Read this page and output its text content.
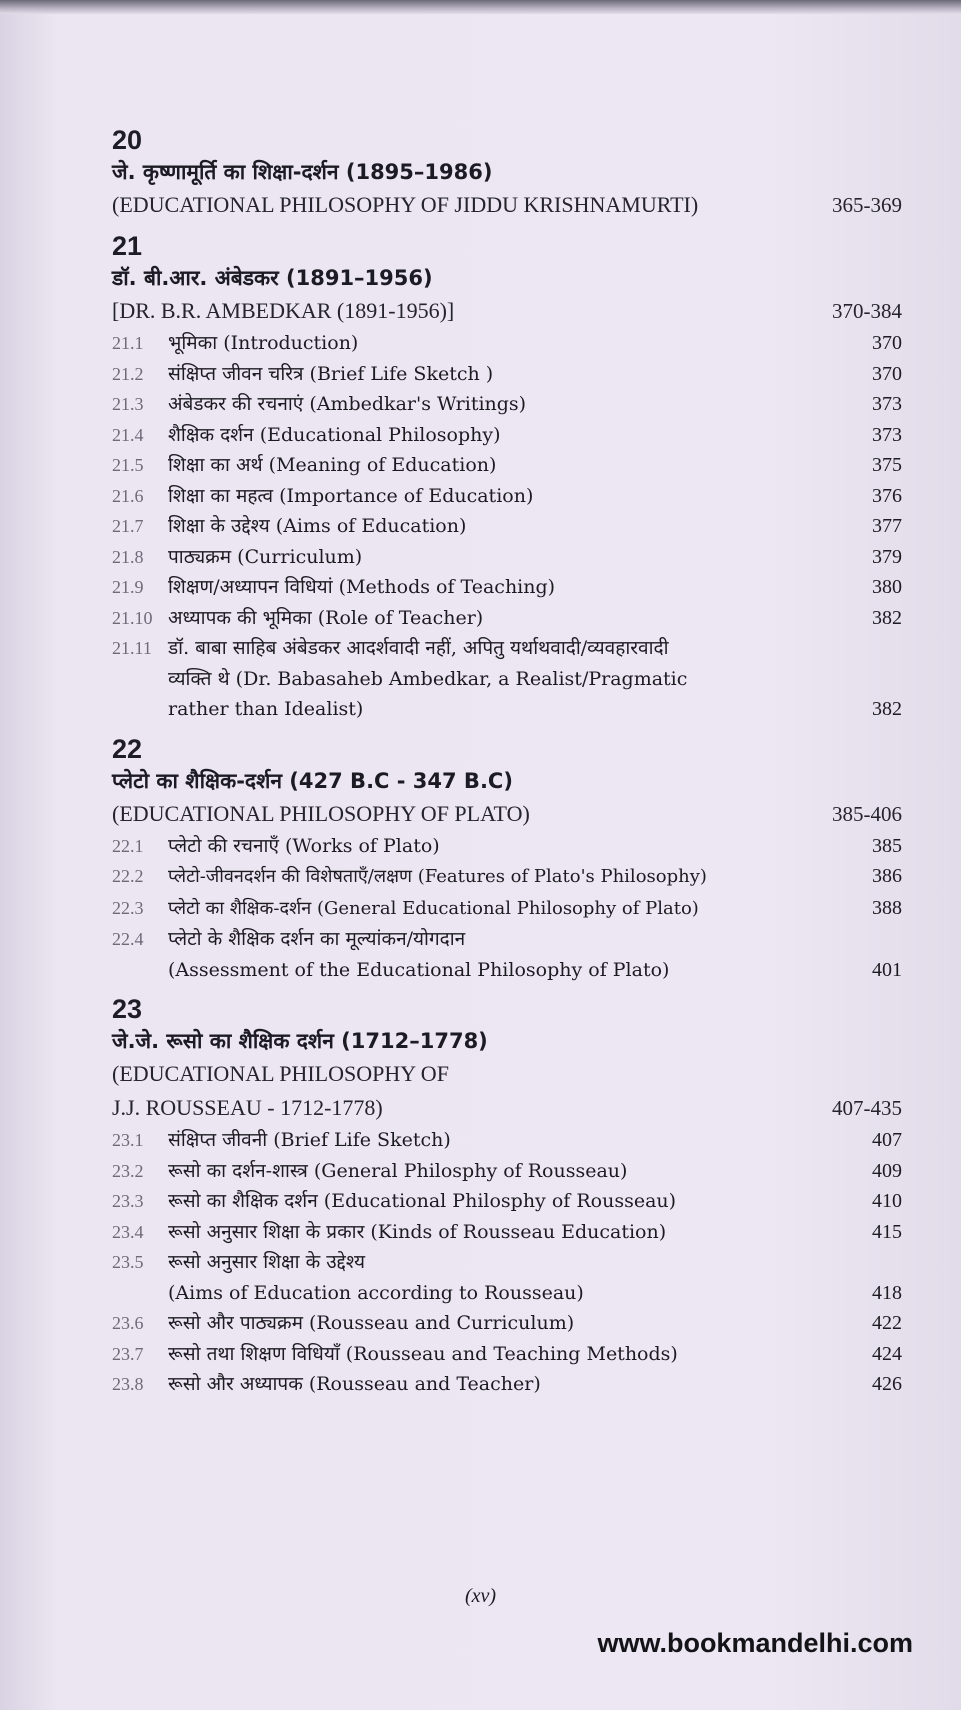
20
जे. कृष्णामूर्ति का शिक्षा-दर्शन (1895–1986)
(EDUCATIONAL PHILOSOPHY OF JIDDU KRISHNAMURTI)	365-369
21
डॉ. बी.आर. अंबेडकर (1891–1956)
[DR. B.R. AMBEDKAR (1891-1956)]	370-384
21.1	भूमिका (Introduction)	370
21.2	संक्षिप्त जीवन चरित्र (Brief Life Sketch )	370
21.3	अंबेडकर की रचनाएं (Ambedkar's Writings)	373
21.4	शैक्षिक दर्शन (Educational Philosophy)	373
21.5	शिक्षा का अर्थ (Meaning of Education)	375
21.6	शिक्षा का महत्व (Importance of Education)	376
21.7	शिक्षा के उद्देश्य (Aims of Education)	377
21.8	पाठ्यक्रम (Curriculum)	379
21.9	शिक्षण/अध्यापन विधियां (Methods of Teaching)	380
21.10 अध्यापक की भूमिका (Role of Teacher)	382
21.11 डॉ. बाबा साहिब अंबेडकर आदर्शवादी नहीं, अपितु यर्थाथवादी/व्यवहारवादी
व्यक्ति थे (Dr. Babasaheb Ambedkar, a Realist/Pragmatic
rather than Idealist)	382
22
प्लेटो का शैक्षिक-दर्शन (427 B.C - 347 B.C)
(EDUCATIONAL PHILOSOPHY OF PLATO)	385-406
22.1	प्लेटो की रचनाएँ (Works of Plato)	385
22.2	प्लेटो-जीवनदर्शन की विशेषताएँ/लक्षण (Features of Plato's Philosophy)	386
22.3	प्लेटो का शैक्षिक-दर्शन (General Educational Philosophy of Plato)	388
22.4	प्लेटो के शैक्षिक दर्शन का मूल्यांकन/योगदान
(Assessment of the Educational Philosophy of Plato)	401
23
जे.जे. रूसो का शैक्षिक दर्शन (1712–1778)
(EDUCATIONAL PHILOSOPHY OF
J.J. ROUSSEAU - 1712-1778)	407-435
23.1	संक्षिप्त जीवनी (Brief Life Sketch)	407
23.2	रूसो का दर्शन-शास्त्र (General Philosphy of Rousseau)	409
23.3	रूसो का शैक्षिक दर्शन (Educational Philosphy of Rousseau)	410
23.4	रूसो अनुसार शिक्षा के प्रकार (Kinds of Rousseau Education)	415
23.5	रूसो अनुसार शिक्षा के उद्देश्य
(Aims of Education according to Rousseau)	418
23.6	रूसो और पाठ्यक्रम (Rousseau and Curriculum)	422
23.7	रूसो तथा शिक्षण विधियाँ (Rousseau and Teaching Methods)	424
23.8	रूसो और अध्यापक (Rousseau and Teacher)	426
(xv)
www.bookmandelhi.com
